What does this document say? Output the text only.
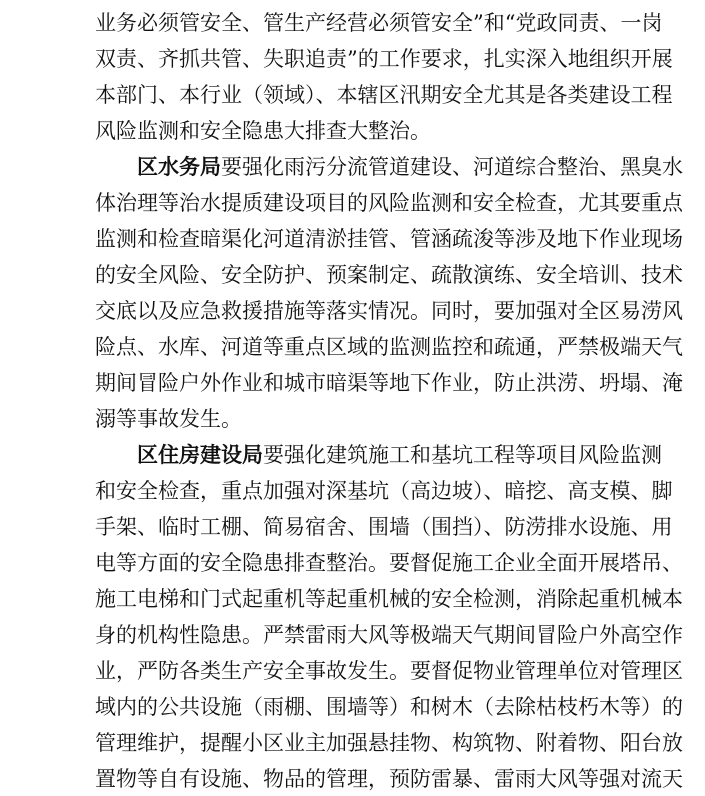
业务必须管安全、管生产经营必须管安全”和“党政同责、一岗
双责、齐抓共管、失职追责”的工作要求，扎实深入地组织开展
本部门、本行业（领域）、本辖区汛期安全尤其是各类建设工程
风险监测和安全隐患大排查大整治。
区水务局要强化雨污分流管道建设、河道综合整治、黑臭水
体治理等治水提质建设项目的风险监测和安全检查，尤其要重点
监测和检查暗渠化河道清淤挂管、管涵疏浚等涉及地下作业现场
的安全风险、安全防护、预案制定、疏散演练、安全培训、技术
交底以及应急救援措施等落实情况。同时，要加强对全区易涝风
险点、水库、河道等重点区域的监测监控和疏通，严禁极端天气
期间冒险户外作业和城市暗渠等地下作业，防止洪涝、坍塌、淹
溺等事故发生。
区住房建设局要强化建筑施工和基坑工程等项目风险监测
和安全检查，重点加强对深基坑（高边坡）、暗挖、高支模、脚
手架、临时工棚、简易宿舍、围墙（围挡）、防涝排水设施、用
电等方面的安全隐患排查整治。要督促施工企业全面开展塔吊、
施工电梯和门式起重机等起重机械的安全检测，消除起重机械本
身的机构性隐患。严禁雷雨大风等极端天气期间冒险户外高空作
业，严防各类生产安全事故发生。要督促物业管理单位对管理区
域内的公共设施（雨棚、围墙等）和树木（去除枯枝朽木等）的
管理维护，提醒小区业主加强悬挂物、构筑物、附着物、阳台放
置物等自有设施、物品的管理，预防雷暴、雷雨大风等强对流天
